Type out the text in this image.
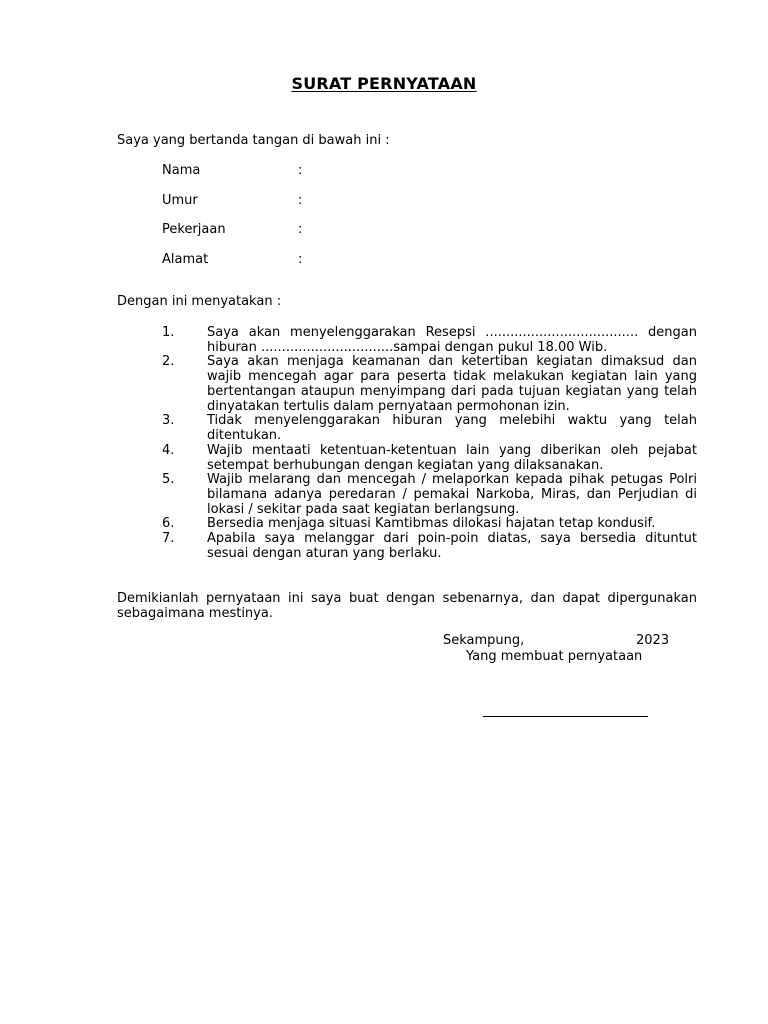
SURAT PERNYATAAN
Saya yang bertanda tangan di bawah ini :
Nama	:
Umur	:
Pekerjaan	:
Alamat	:
Dengan ini menyatakan :
1.	Saya akan menyelenggarakan Resepsi ..................................... dengan hiburan ................................sampai dengan pukul 18.00 Wib.
2.	Saya akan menjaga keamanan dan ketertiban kegiatan dimaksud dan wajib mencegah agar para peserta tidak melakukan kegiatan lain yang bertentangan ataupun menyimpang dari pada tujuan kegiatan yang telah dinyatakan tertulis dalam pernyataan permohonan izin.
3.	Tidak menyelenggarakan hiburan yang melebihi waktu yang telah ditentukan.
4.	Wajib mentaati ketentuan-ketentuan lain yang diberikan oleh pejabat setempat berhubungan dengan kegiatan yang dilaksanakan.
5.	Wajib melarang dan mencegah / melaporkan kepada pihak petugas Polri bilamana adanya peredaran / pemakai Narkoba, Miras, dan Perjudian di lokasi / sekitar pada saat kegiatan berlangsung.
6.	Bersedia menjaga situasi Kamtibmas dilokasi hajatan tetap kondusif.
7.	Apabila saya melanggar dari poin-poin diatas, saya bersedia dituntut sesuai dengan aturan yang berlaku.
Demikianlah pernyataan ini saya buat dengan sebenarnya, dan dapat dipergunakan sebagaimana mestinya.
Sekampung,	2023
Yang membuat pernyataan
